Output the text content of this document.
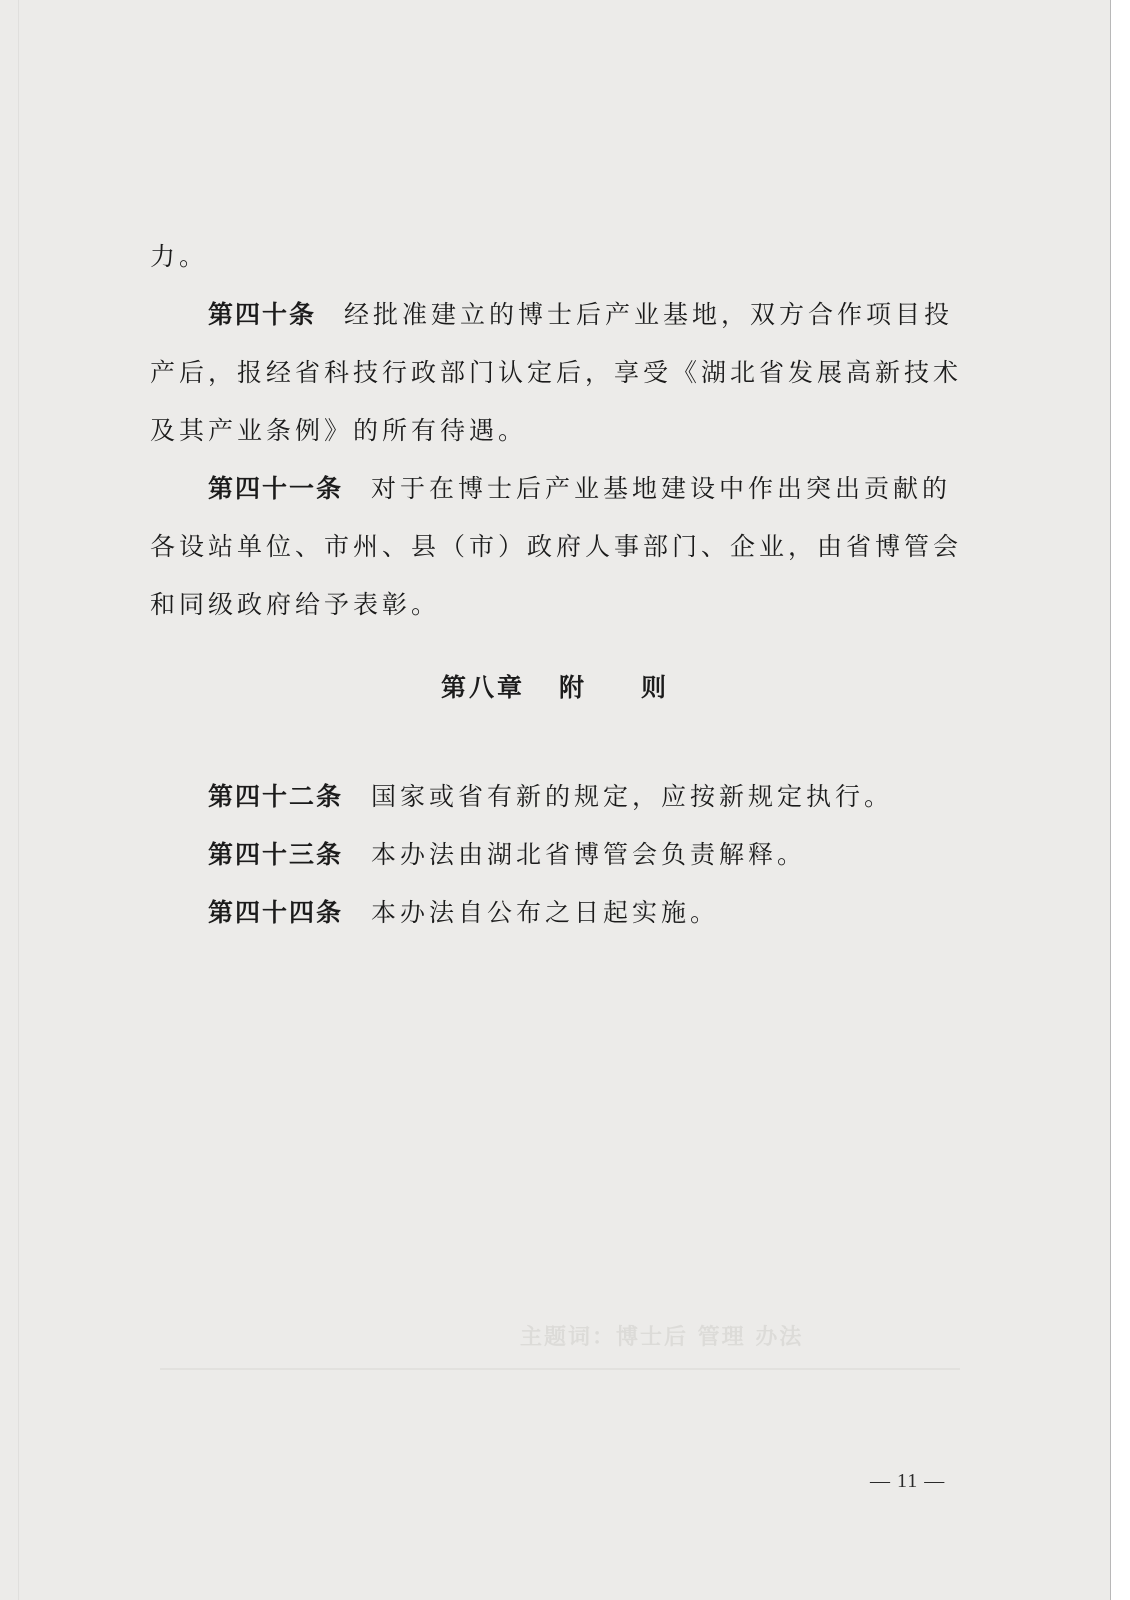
力。
第四十条 经批准建立的博士后产业基地，双方合作项目投
产后，报经省科技行政部门认定后，享受《湖北省发展高新技术
及其产业条例》的所有待遇。
第四十一条 对于在博士后产业基地建设中作出突出贡献的
各设站单位、市州、县（市）政府人事部门、企业，由省博管会
和同级政府给予表彰。
第八章 附 则
第四十二条 国家或省有新的规定，应按新规定执行。
第四十三条 本办法由湖北省博管会负责解释。
第四十四条 本办法自公布之日起实施。
主题词：博士后 管理 办法
— 11 —
